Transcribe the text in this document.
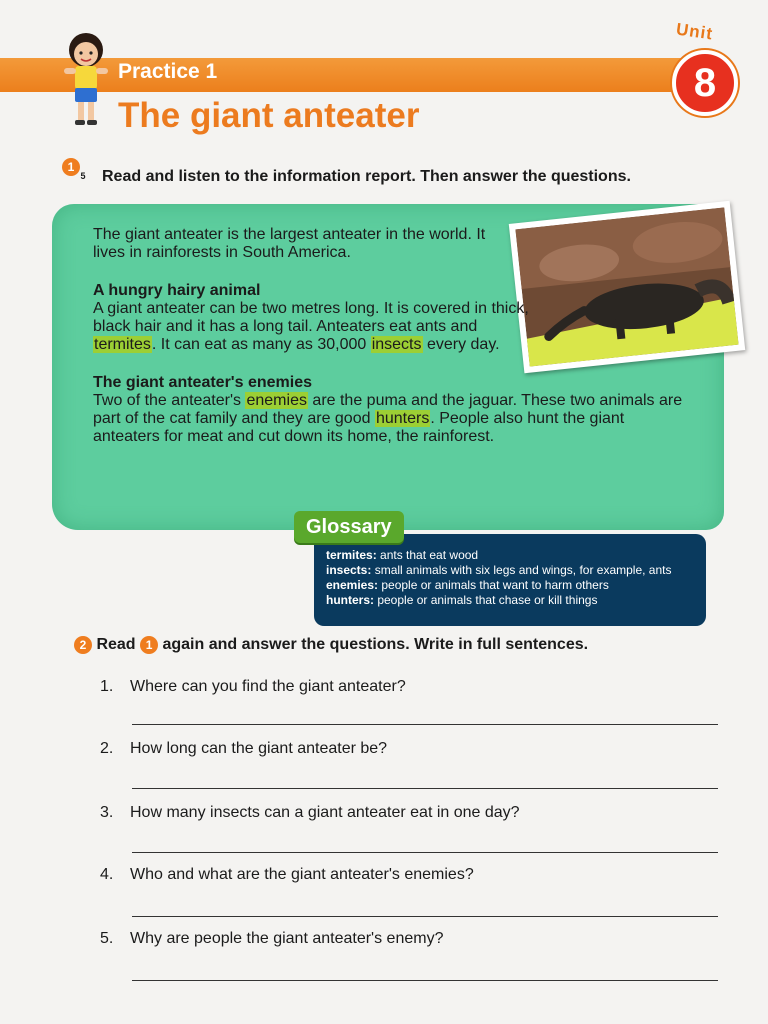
Unit
8
Practice 1
The giant anteater
1 $_5$ Read and listen to the information report. Then answer the questions.

The giant anteater is the largest anteater in the world. It lives in rainforests in South America.

A hungry hairy animal
A giant anteater can be two metres long. It is covered in thick, black hair and it has a long tail. Anteaters eat ants and termites. It can eat as many as 30,000 insects every day.

The giant anteater's enemies
Two of the anteater's enemies are the puma and the jaguar. These two animals are part of the cat family and they are good hunters. People also hunt the giant anteaters for meat and cut down its home, the rainforest.

termites: ants that eat wood
insects: small animals with six legs and wings, for example, ants
enemies: people or animals that want to harm others
hunters: people or animals that chase or kill things
Glossary
2 Read 1 again and answer the questions. Write in full sentences.
1. Where can you find the giant anteater?
2. How long can the giant anteater be?
3. How many insects can a giant anteater eat in one day?
4. Who and what are the giant anteater's enemies?
5. Why are people the giant anteater's enemy?
